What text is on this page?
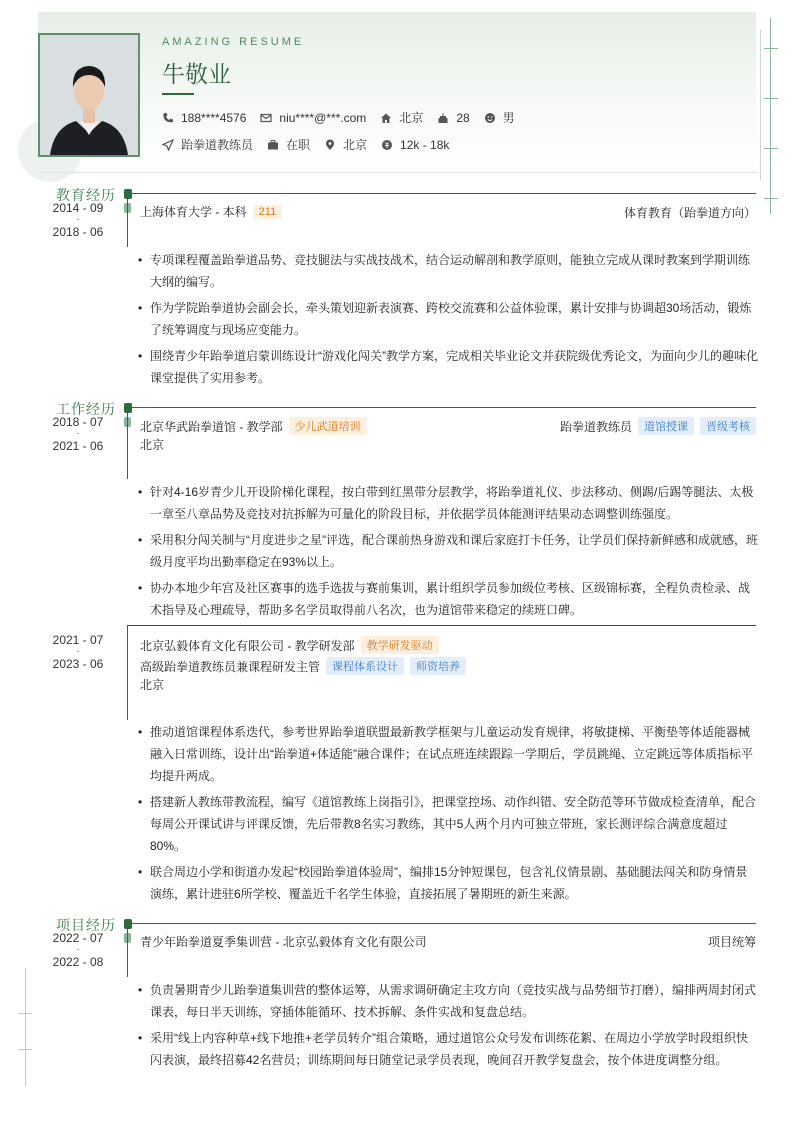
AMAZING RESUME
牛敬业
188****4576	niu****@***.com	北京	28	男
跆拳道教练员	在职	北京	12k - 18k
教育经历
2014 - 09
-
2018 - 06
上海体育大学 - 本科	211	体育教育（跆拳道方向）
• 专项课程覆盖跆拳道品势、竞技腿法与实战技战术，结合运动解剖和教学原则，能独立完成从课时教案到学期训练大纲的编写。
• 作为学院跆拳道协会副会长，牵头策划迎新表演赛、跨校交流赛和公益体验课，累计安排与协调超30场活动，锻炼了统筹调度与现场应变能力。
• 围绕青少年跆拳道启蒙训练设计“游戏化闯关”教学方案，完成相关毕业论文并获院级优秀论文，为面向少儿的趣味化课堂提供了实用参考。
工作经历
2018 - 07
-
2021 - 06
北京华武跆拳道馆 - 教学部	少儿武道培训	跆拳道教练员	道馆授课	晋级考核
北京
• 针对4-16岁青少儿开设阶梯化课程，按白带到红黑带分层教学，将跆拳道礼仪、步法移动、侧踢/后踢等腿法、太极一章至八章品势及竞技对抗拆解为可量化的阶段目标，并依据学员体能测评结果动态调整训练强度。
• 采用积分闯关制与“月度进步之星”评选，配合课前热身游戏和课后家庭打卡任务，让学员们保持新鲜感和成就感，班级月度平均出勤率稳定在93%以上。
• 协办本地少年宫及社区赛事的选手选拔与赛前集训，累计组织学员参加级位考核、区级锦标赛，全程负责检录、战术指导及心理疏导，帮助多名学员取得前八名次，也为道馆带来稳定的续班口碑。
2021 - 07
-
2023 - 06
北京弘毅体育文化有限公司 - 教学研发部	教学研发驱动
高级跆拳道教练员兼课程研发主管	课程体系设计	师资培养
北京
• 推动道馆课程体系迭代，参考世界跆拳道联盟最新教学框架与儿童运动发育规律，将敏捷梯、平衡垫等体适能器械融入日常训练，设计出“跆拳道+体适能”融合课件；在试点班连续跟踪一学期后，学员跳绳、立定跳远等体质指标平均提升两成。
• 搭建新人教练带教流程，编写《道馆教练上岗指引》，把课堂控场、动作纠错、安全防范等环节做成检查清单，配合每周公开课试讲与评课反馈，先后带教8名实习教练，其中5人两个月内可独立带班，家长测评综合满意度超过80%。
• 联合周边小学和街道办发起“校园跆拳道体验周”，编排15分钟短课包，包含礼仪情景剧、基础腿法闯关和防身情景演练，累计进驻6所学校、覆盖近千名学生体验，直接拓展了暑期班的新生来源。
项目经历
2022 - 07
-
2022 - 08
青少年跆拳道夏季集训营 - 北京弘毅体育文化有限公司	项目统筹
• 负责暑期青少儿跆拳道集训营的整体运筹，从需求调研确定主攻方向（竞技实战与品势细节打磨），编排两周封闭式课表，每日半天训练，穿插体能循环、技术拆解、条件实战和复盘总结。
• 采用“线上内容种草+线下地推+老学员转介”组合策略，通过道馆公众号发布训练花絮、在周边小学放学时段组织快闪表演，最终招募42名营员；训练期间每日随堂记录学员表现，晚间召开教学复盘会，按个体进度调整分组。
